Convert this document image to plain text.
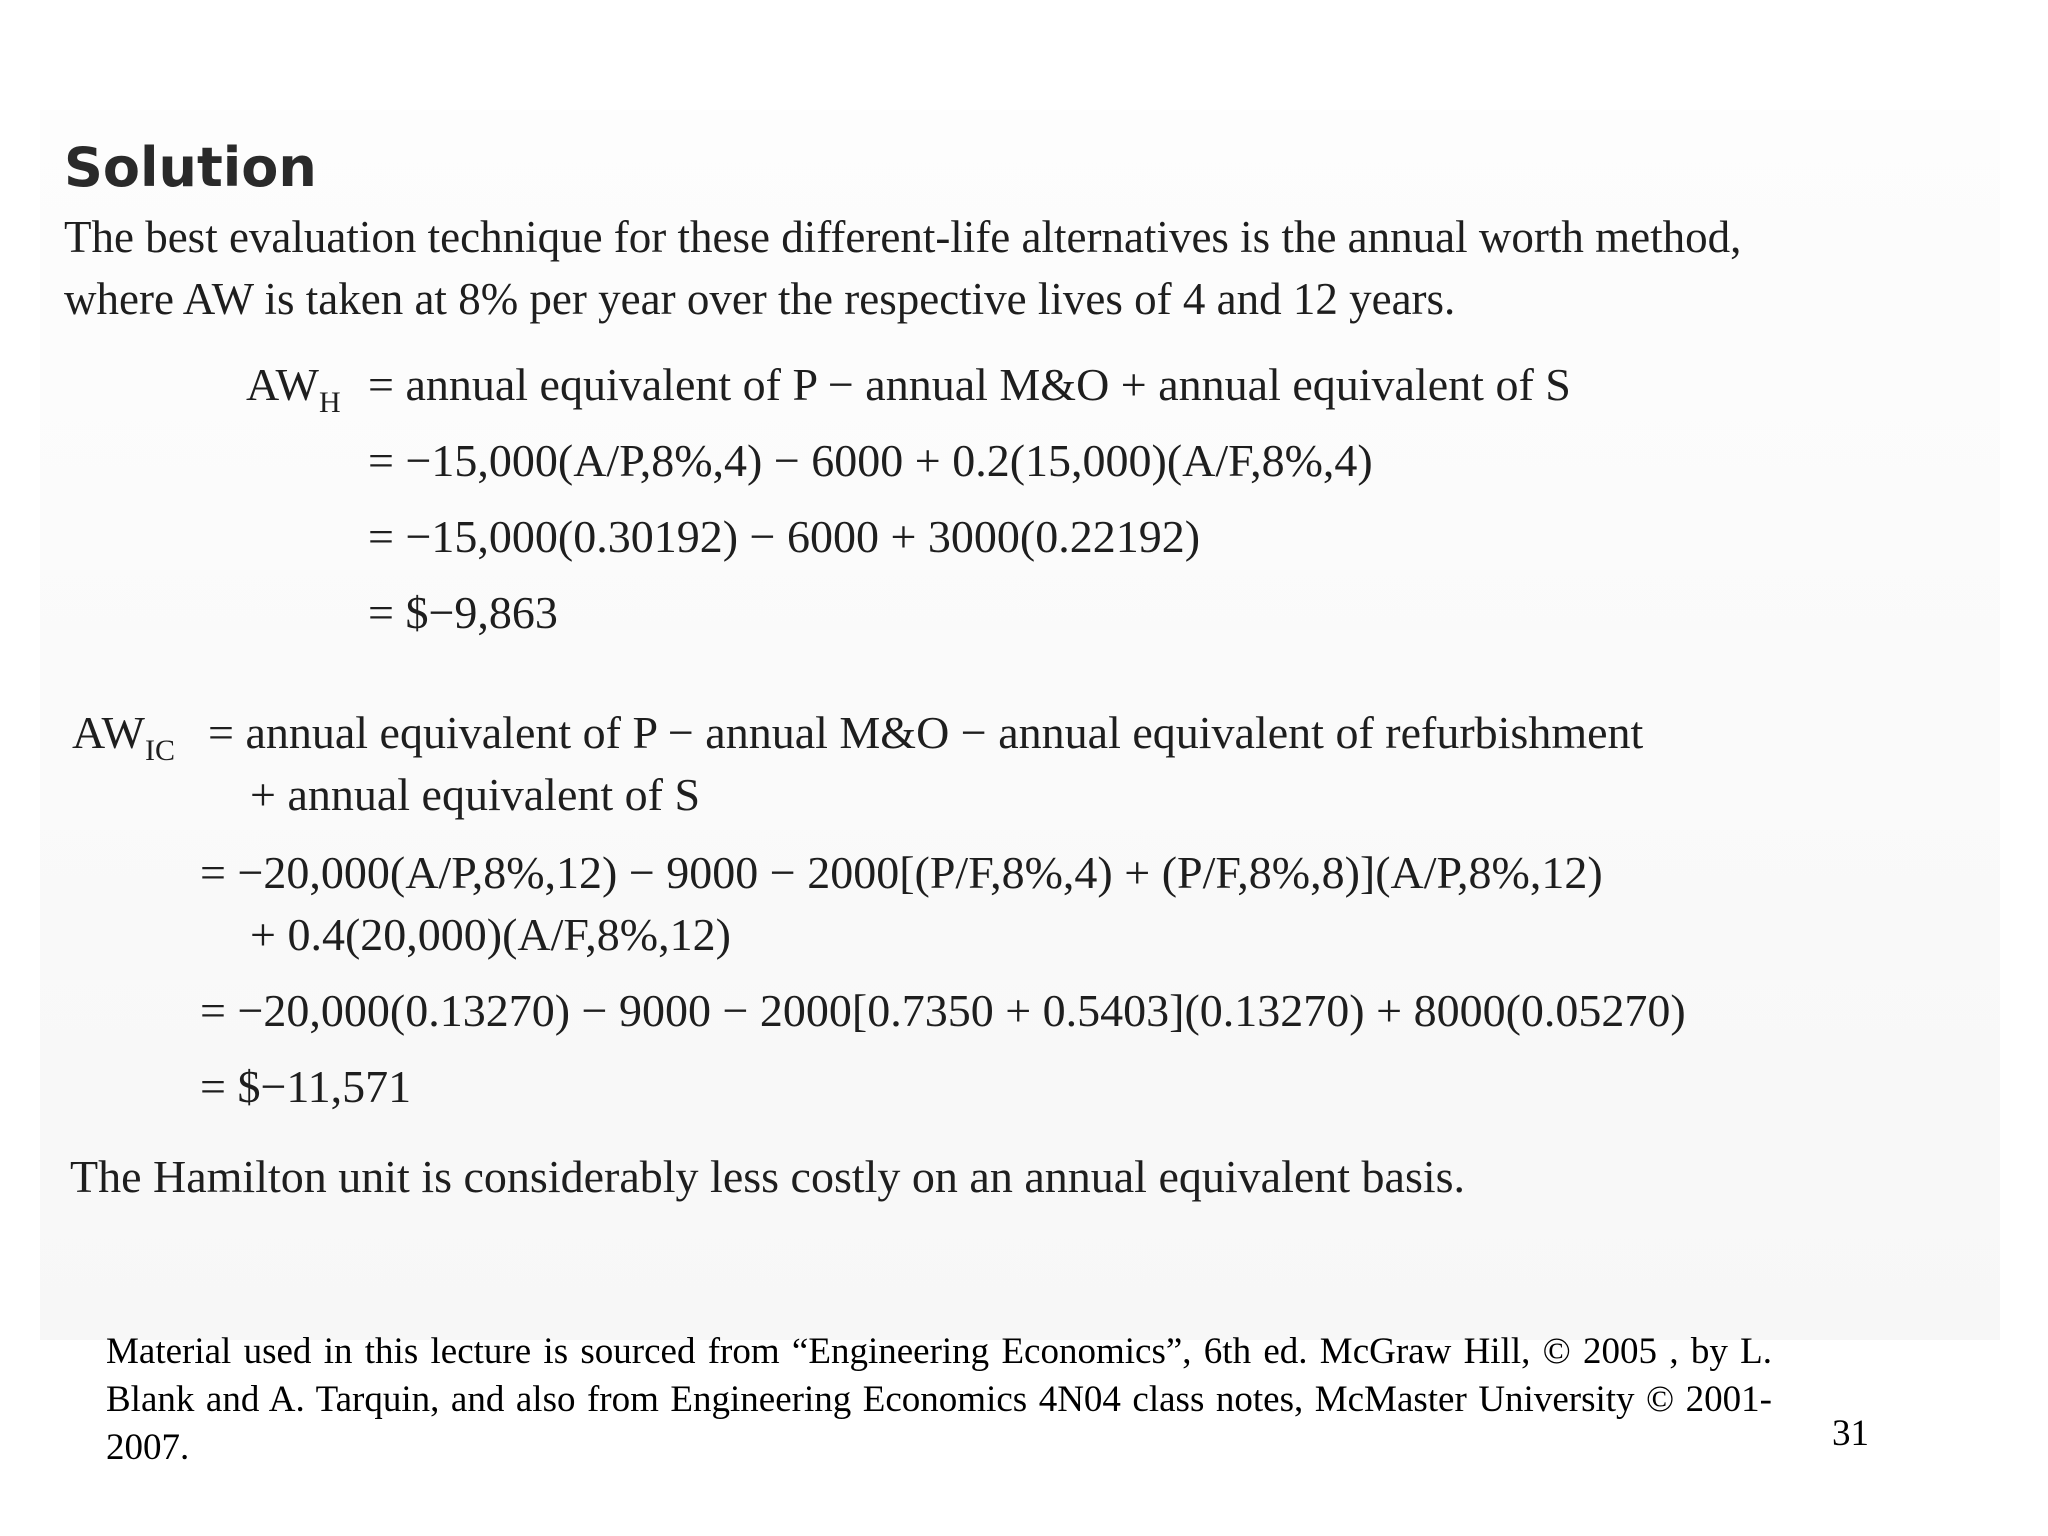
Solution
The best evaluation technique for these different-life alternatives is the annual worth method,
where AW is taken at 8% per year over the respective lives of 4 and 12 years.
$AW_H$ = annual equivalent of P − annual M&O + annual equivalent of S
= −15,000(A/P,8%,4) − 6000 + 0.2(15,000)(A/F,8%,4)
= −15,000(0.30192) − 6000 + 3000(0.22192)
= $−9,863
$AW_{IC}$ = annual equivalent of P − annual M&O − annual equivalent of refurbishment
+ annual equivalent of S
= −20,000(A/P,8%,12) − 9000 − 2000[(P/F,8%,4) + (P/F,8%,8)](A/P,8%,12)
+ 0.4(20,000)(A/F,8%,12)
= −20,000(0.13270) − 9000 − 2000[0.7350 + 0.5403](0.13270) + 8000(0.05270)
= $−11,571
The Hamilton unit is considerably less costly on an annual equivalent basis.
Material used in this lecture is sourced from “Engineering Economics”, 6th ed. McGraw Hill, © 2005 , by L. Blank and A. Tarquin, and also from Engineering Economics 4N04 class notes, McMaster University © 2001-2007.	31
